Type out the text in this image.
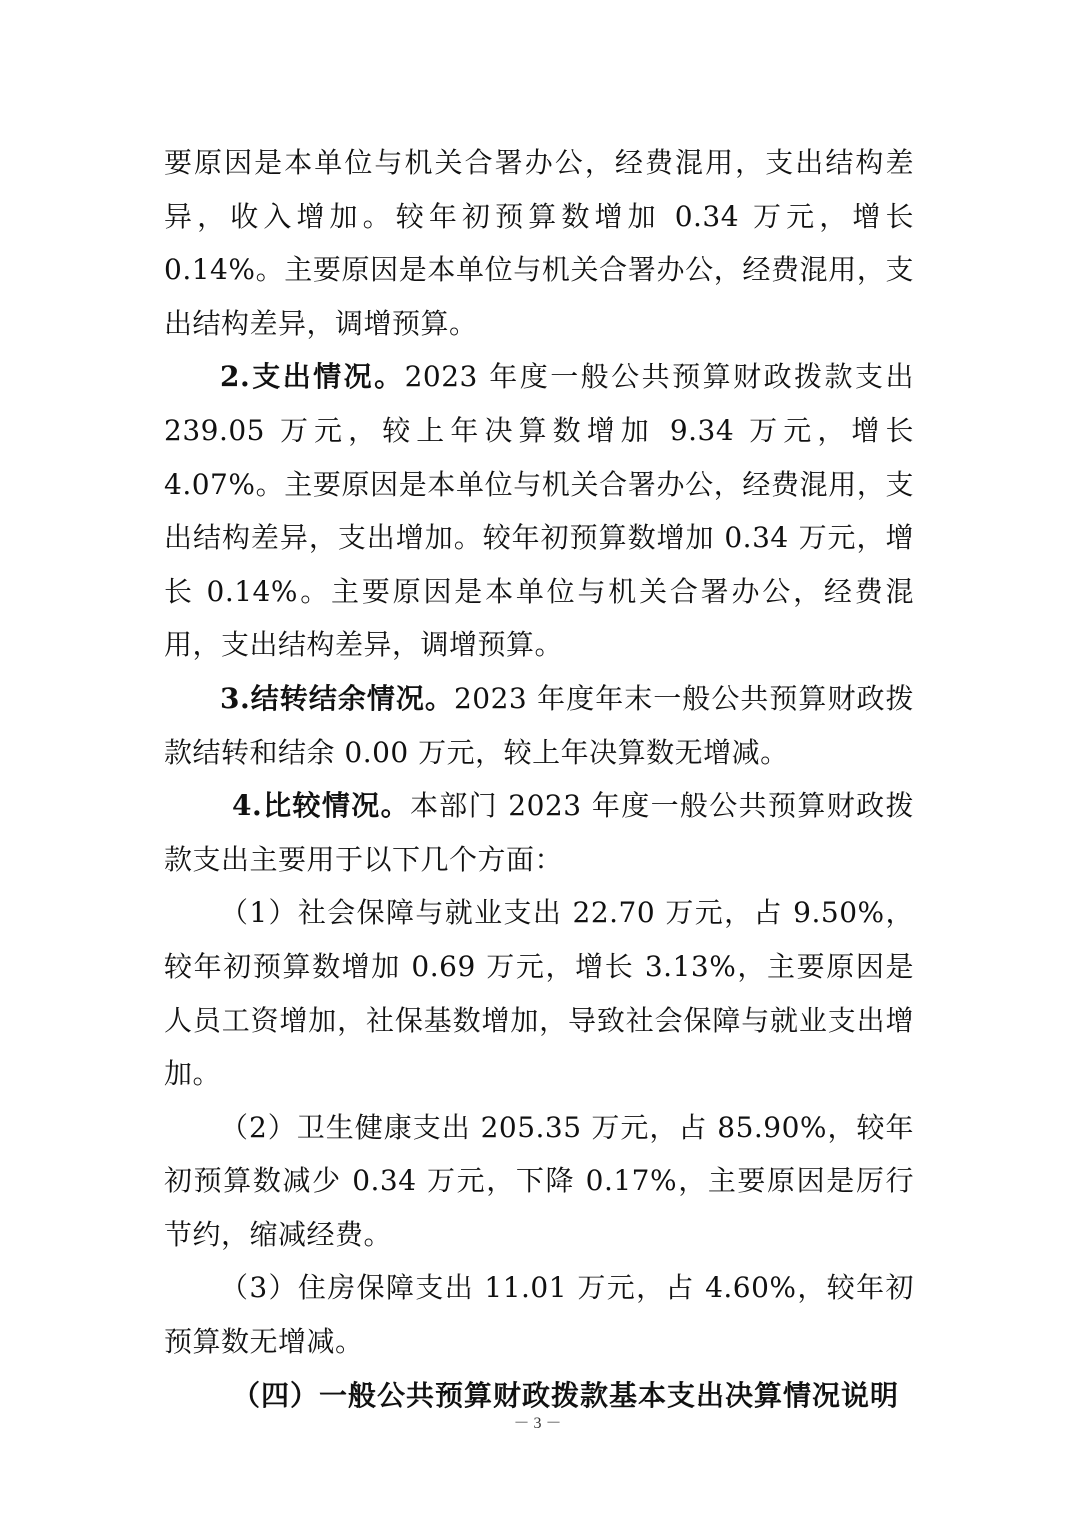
要原因是本单位与机关合署办公，经费混用，支出结构差异，收入增加。较年初预算数增加 0.34 万元，增长 0.14%。主要原因是本单位与机关合署办公，经费混用，支出结构差异，调增预算。

2.支出情况。2023 年度一般公共预算财政拨款支出 239.05 万元，较上年决算数增加 9.34 万元，增长 4.07%。主要原因是本单位与机关合署办公，经费混用，支出结构差异，支出增加。较年初预算数增加 0.34 万元，增长 0.14%。主要原因是本单位与机关合署办公，经费混用，支出结构差异，调增预算。

3.结转结余情况。2023 年度年末一般公共预算财政拨款结转和结余 0.00 万元，较上年决算数无增减。

4.比较情况。本部门 2023 年度一般公共预算财政拨款支出主要用于以下几个方面：

（1）社会保障与就业支出 22.70 万元，占 9.50%，较年初预算数增加 0.69 万元，增长 3.13%，主要原因是人员工资增加，社保基数增加，导致社会保障与就业支出增加。

（2）卫生健康支出 205.35 万元，占 85.90%，较年初预算数减少 0.34 万元，下降 0.17%，主要原因是厉行节约，缩减经费。

（3）住房保障支出 11.01 万元，占 4.60%，较年初预算数无增减。

（四）一般公共预算财政拨款基本支出决算情况说明

－ 3 －
